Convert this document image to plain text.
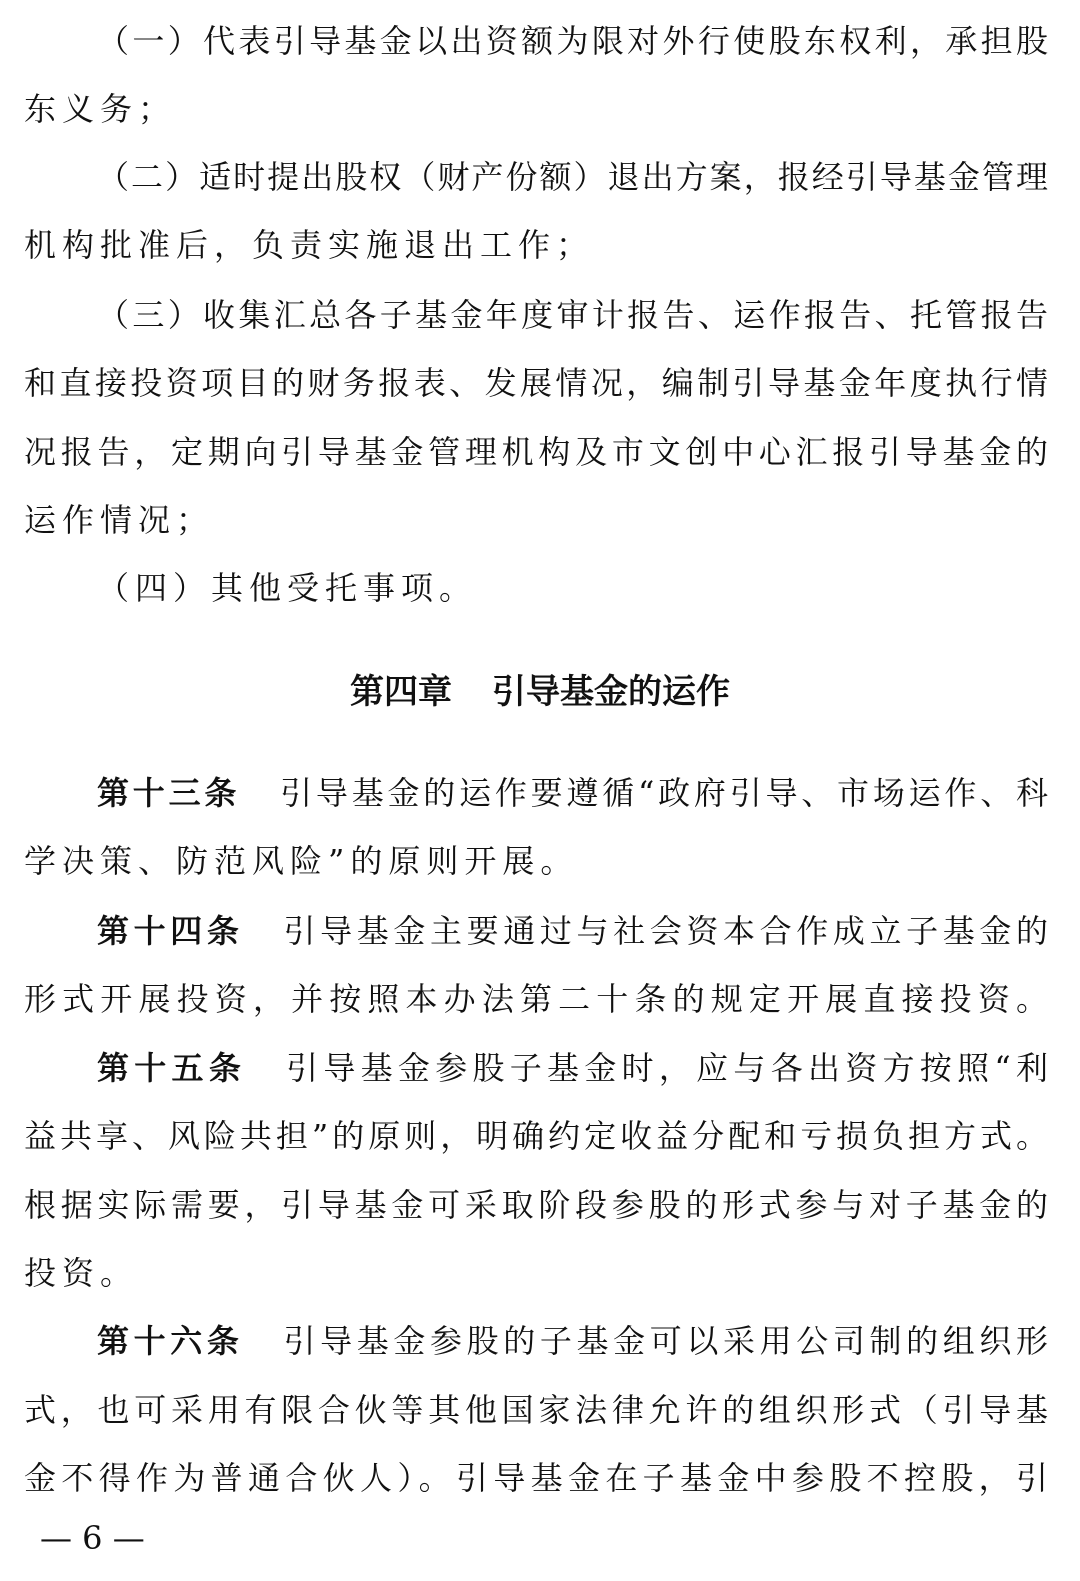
（一）代表引导基金以出资额为限对外行使股东权利，承担股
东义务；
（二）适时提出股权（财产份额）退出方案，报经引导基金管理
机构批准后，负责实施退出工作；
（三）收集汇总各子基金年度审计报告、运作报告、托管报告
和直接投资项目的财务报表、发展情况，编制引导基金年度执行情
况报告，定期向引导基金管理机构及市文创中心汇报引导基金的
运作情况；
（四）其他受托事项。
第四章 引导基金的运作
第十三条 引导基金的运作要遵循“政府引导、市场运作、科
学决策、防范风险”的原则开展。
第十四条 引导基金主要通过与社会资本合作成立子基金的
形式开展投资，并按照本办法第二十条的规定开展直接投资。
第十五条 引导基金参股子基金时，应与各出资方按照“利
益共享、风险共担”的原则，明确约定收益分配和亏损负担方式。
根据实际需要，引导基金可采取阶段参股的形式参与对子基金的
投资。
第十六条 引导基金参股的子基金可以采用公司制的组织形
式，也可采用有限合伙等其他国家法律允许的组织形式（引导基
金不得作为普通合伙人）。引导基金在子基金中参股不控股，引
— 6 —
